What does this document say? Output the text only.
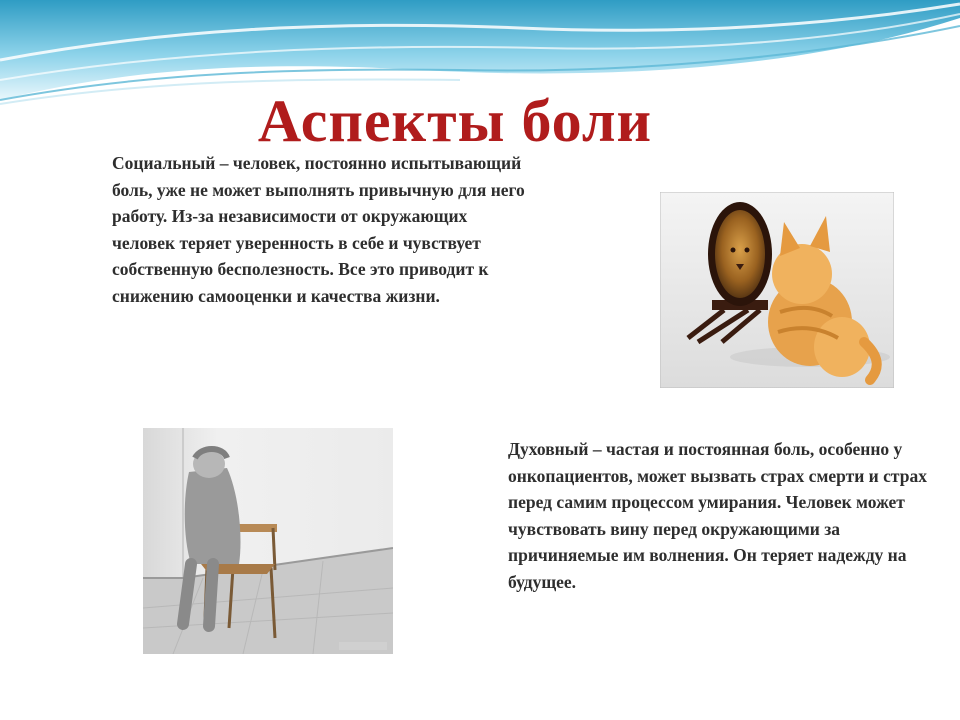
Аспекты боли

Социальный – человек, постоянно испытывающий боль, уже не может выполнять привычную для него работу. Из-за независимости от окружающих человек теряет уверенность в себе и чувствует собственную бесполезность. Все это приводит к снижению самооценки и качества жизни.

Духовный – частая и постоянная боль, особенно у онкопациентов, может вызвать страх смерти и страх перед самим процессом умирания. Человек может чувствовать вину перед окружающими за причиняемые им волнения. Он теряет надежду на будущее.
